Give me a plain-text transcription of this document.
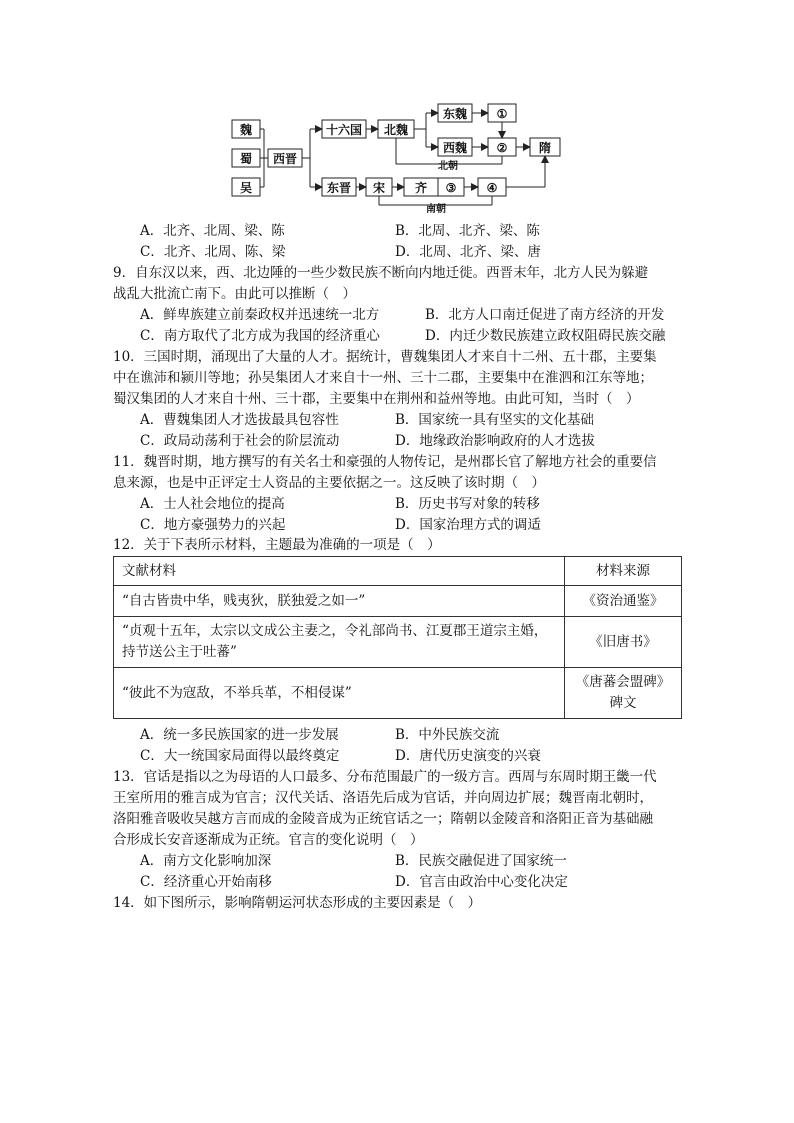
魏
蜀
吴
西晋
十六国 北魏
东魏
西魏
①
②	隋
东晋 宋 齐 ③	④
北朝
南朝
A．北齐、北周、梁、陈	B．北周、北齐、梁、陈
C．北齐、北周、陈、梁	D．北周、北齐、梁、唐
9．自东汉以来，西、北边陲的一些少数民族不断向内地迁徙。西晋末年，北方人民为躲避
战乱大批流亡南下。由此可以推断（　）
A．鲜卑族建立前秦政权并迅速统一北方	B．北方人口南迁促进了南方经济的开发
C．南方取代了北方成为我国的经济重心	D．内迁少数民族建立政权阻碍民族交融
10．三国时期，涌现出了大量的人才。据统计，曹魏集团人才来自十二州、五十郡，主要集
中在谯沛和颍川等地；孙吴集团人才来自十一州、三十二郡，主要集中在淮泗和江东等地；
蜀汉集团的人才来自十州、三十郡，主要集中在荆州和益州等地。由此可知，当时（　）
A．曹魏集团人才选拔最具包容性	B．国家统一具有坚实的文化基础
C．政局动荡利于社会的阶层流动	D．地缘政治影响政府的人才选拔
11．魏晋时期，地方撰写的有关名士和豪强的人物传记，是州郡长官了解地方社会的重要信
息来源，也是中正评定士人资品的主要依据之一。这反映了该时期（　）
A．士人社会地位的提高	B．历史书写对象的转移
C．地方豪强势力的兴起	D．国家治理方式的调适
12．关于下表所示材料，主题最为准确的一项是（　）
文献材料	材料来源
“自古皆贵中华，贱夷狄，朕独爱之如一”	《资治通鉴》
“贞观十五年，太宗以文成公主妻之，令礼部尚书、江夏郡王道宗主婚，持节送公主于吐蕃”	《旧唐书》
“彼此不为寇敌，不举兵革，不相侵谋”	《唐蕃会盟碑》碑文
A．统一多民族国家的进一步发展	B．中外民族交流
C．大一统国家局面得以最终奠定	D．唐代历史演变的兴衰
13．官话是指以之为母语的人口最多、分布范围最广的一级方言。西周与东周时期王畿一代
王室所用的雅言成为官言；汉代关话、洛语先后成为官话，并向周边扩展；魏晋南北朝时，
洛阳雅音吸收吴越方言而成的金陵音成为正统官话之一；隋朝以金陵音和洛阳正音为基础融
合形成长安音逐渐成为正统。官言的变化说明（　）
A．南方文化影响加深	B．民族交融促进了国家统一
C．经济重心开始南移	D．官言由政治中心变化决定
14．如下图所示，影响隋朝运河状态形成的主要因素是（　）
